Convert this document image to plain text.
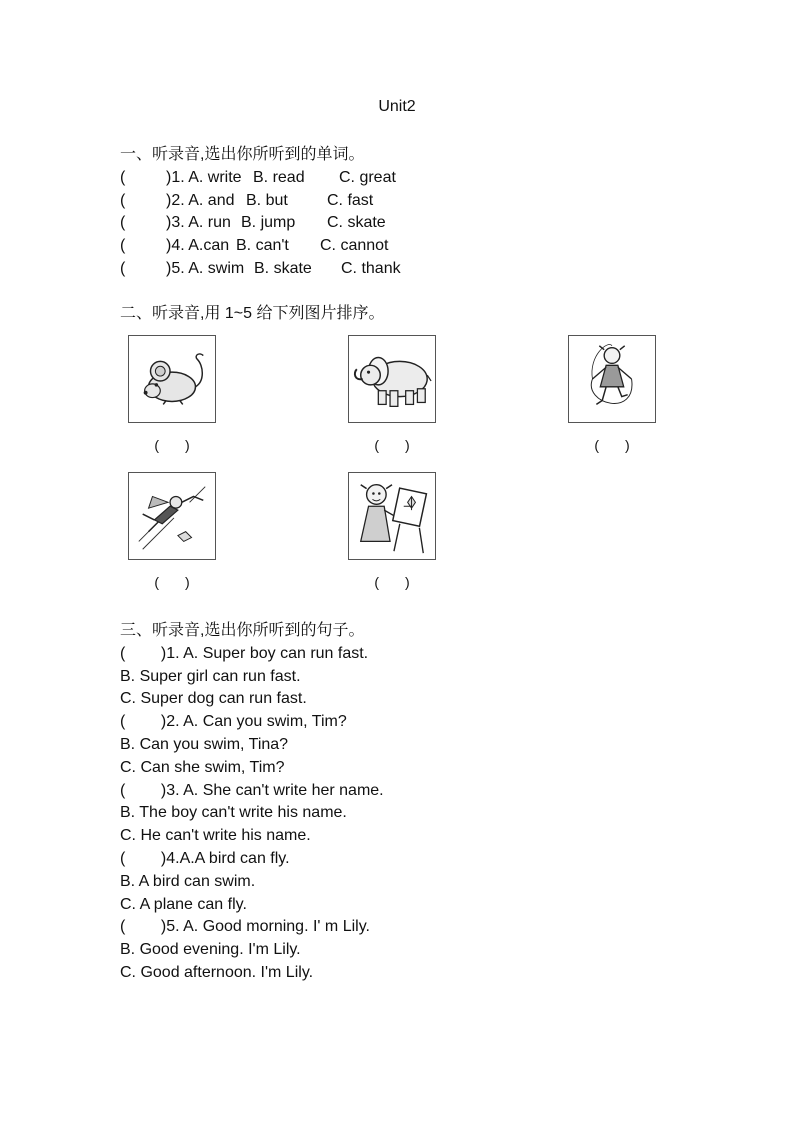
Unit2
一、听录音,选出你所听到的单词。
(	)1. A. write B. read C. great
(	)2. A. and B. but C. fast
(	)3. A. run B. jump C. skate
(	)4. A.can B. can't C. cannot
(	)5. A. swim B. skate C. thank
二、听录音,用 1~5 给下列图片排序。
( )	( )	( )
( )	( )
三、听录音,选出你所听到的句子。
(        )1. A. Super boy can run fast.
B. Super girl can run fast.
C. Super dog can run fast.
(        )2. A. Can you swim, Tim?
B. Can you swim, Tina?
C. Can she swim, Tim?
(        )3. A. She can't write her name.
B. The boy can't write his name.
C. He can't write his name.
(        )4.A.A bird can fly.
B. A bird can swim.
C. A plane can fly.
(        )5. A. Good morning. I' m Lily.
B. Good evening. I'm Lily.
C. Good afternoon. I'm Lily.
